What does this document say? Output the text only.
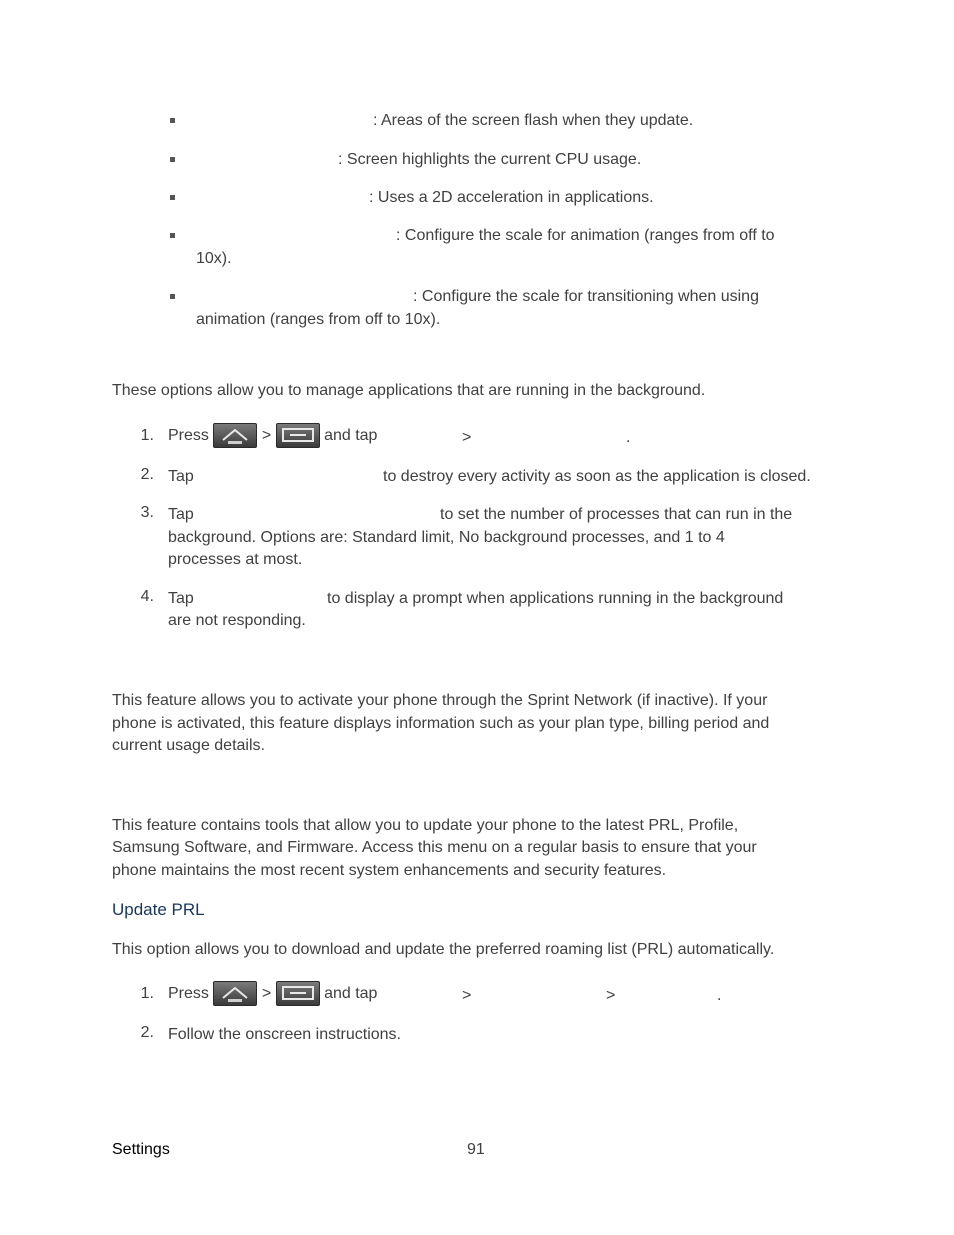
: Areas of the screen flash when they update.
: Screen highlights the current CPU usage.
: Uses a 2D acceleration in applications.
: Configure the scale for animation (ranges from off to
10x).
: Configure the scale for transitioning when using
animation (ranges from off to 10x).
These options allow you to manage applications that are running in the background.
1. Press	>	and tap	>	.
2. Tap	to destroy every activity as soon as the application is closed.
3. Tap	to set the number of processes that can run in the
background. Options are: Standard limit, No background processes, and 1 to 4
processes at most.
4. Tap	to display a prompt when applications running in the background
are not responding.
This feature allows you to activate your phone through the Sprint Network (if inactive). If your
phone is activated, this feature displays information such as your plan type, billing period and
current usage details.
This feature contains tools that allow you to update your phone to the latest PRL, Profile,
Samsung Software, and Firmware. Access this menu on a regular basis to ensure that your
phone maintains the most recent system enhancements and security features.
Update PRL
This option allows you to download and update the preferred roaming list (PRL) automatically.
1. Press	>	and tap	>	>	.
2. Follow the onscreen instructions.
Settings	91
